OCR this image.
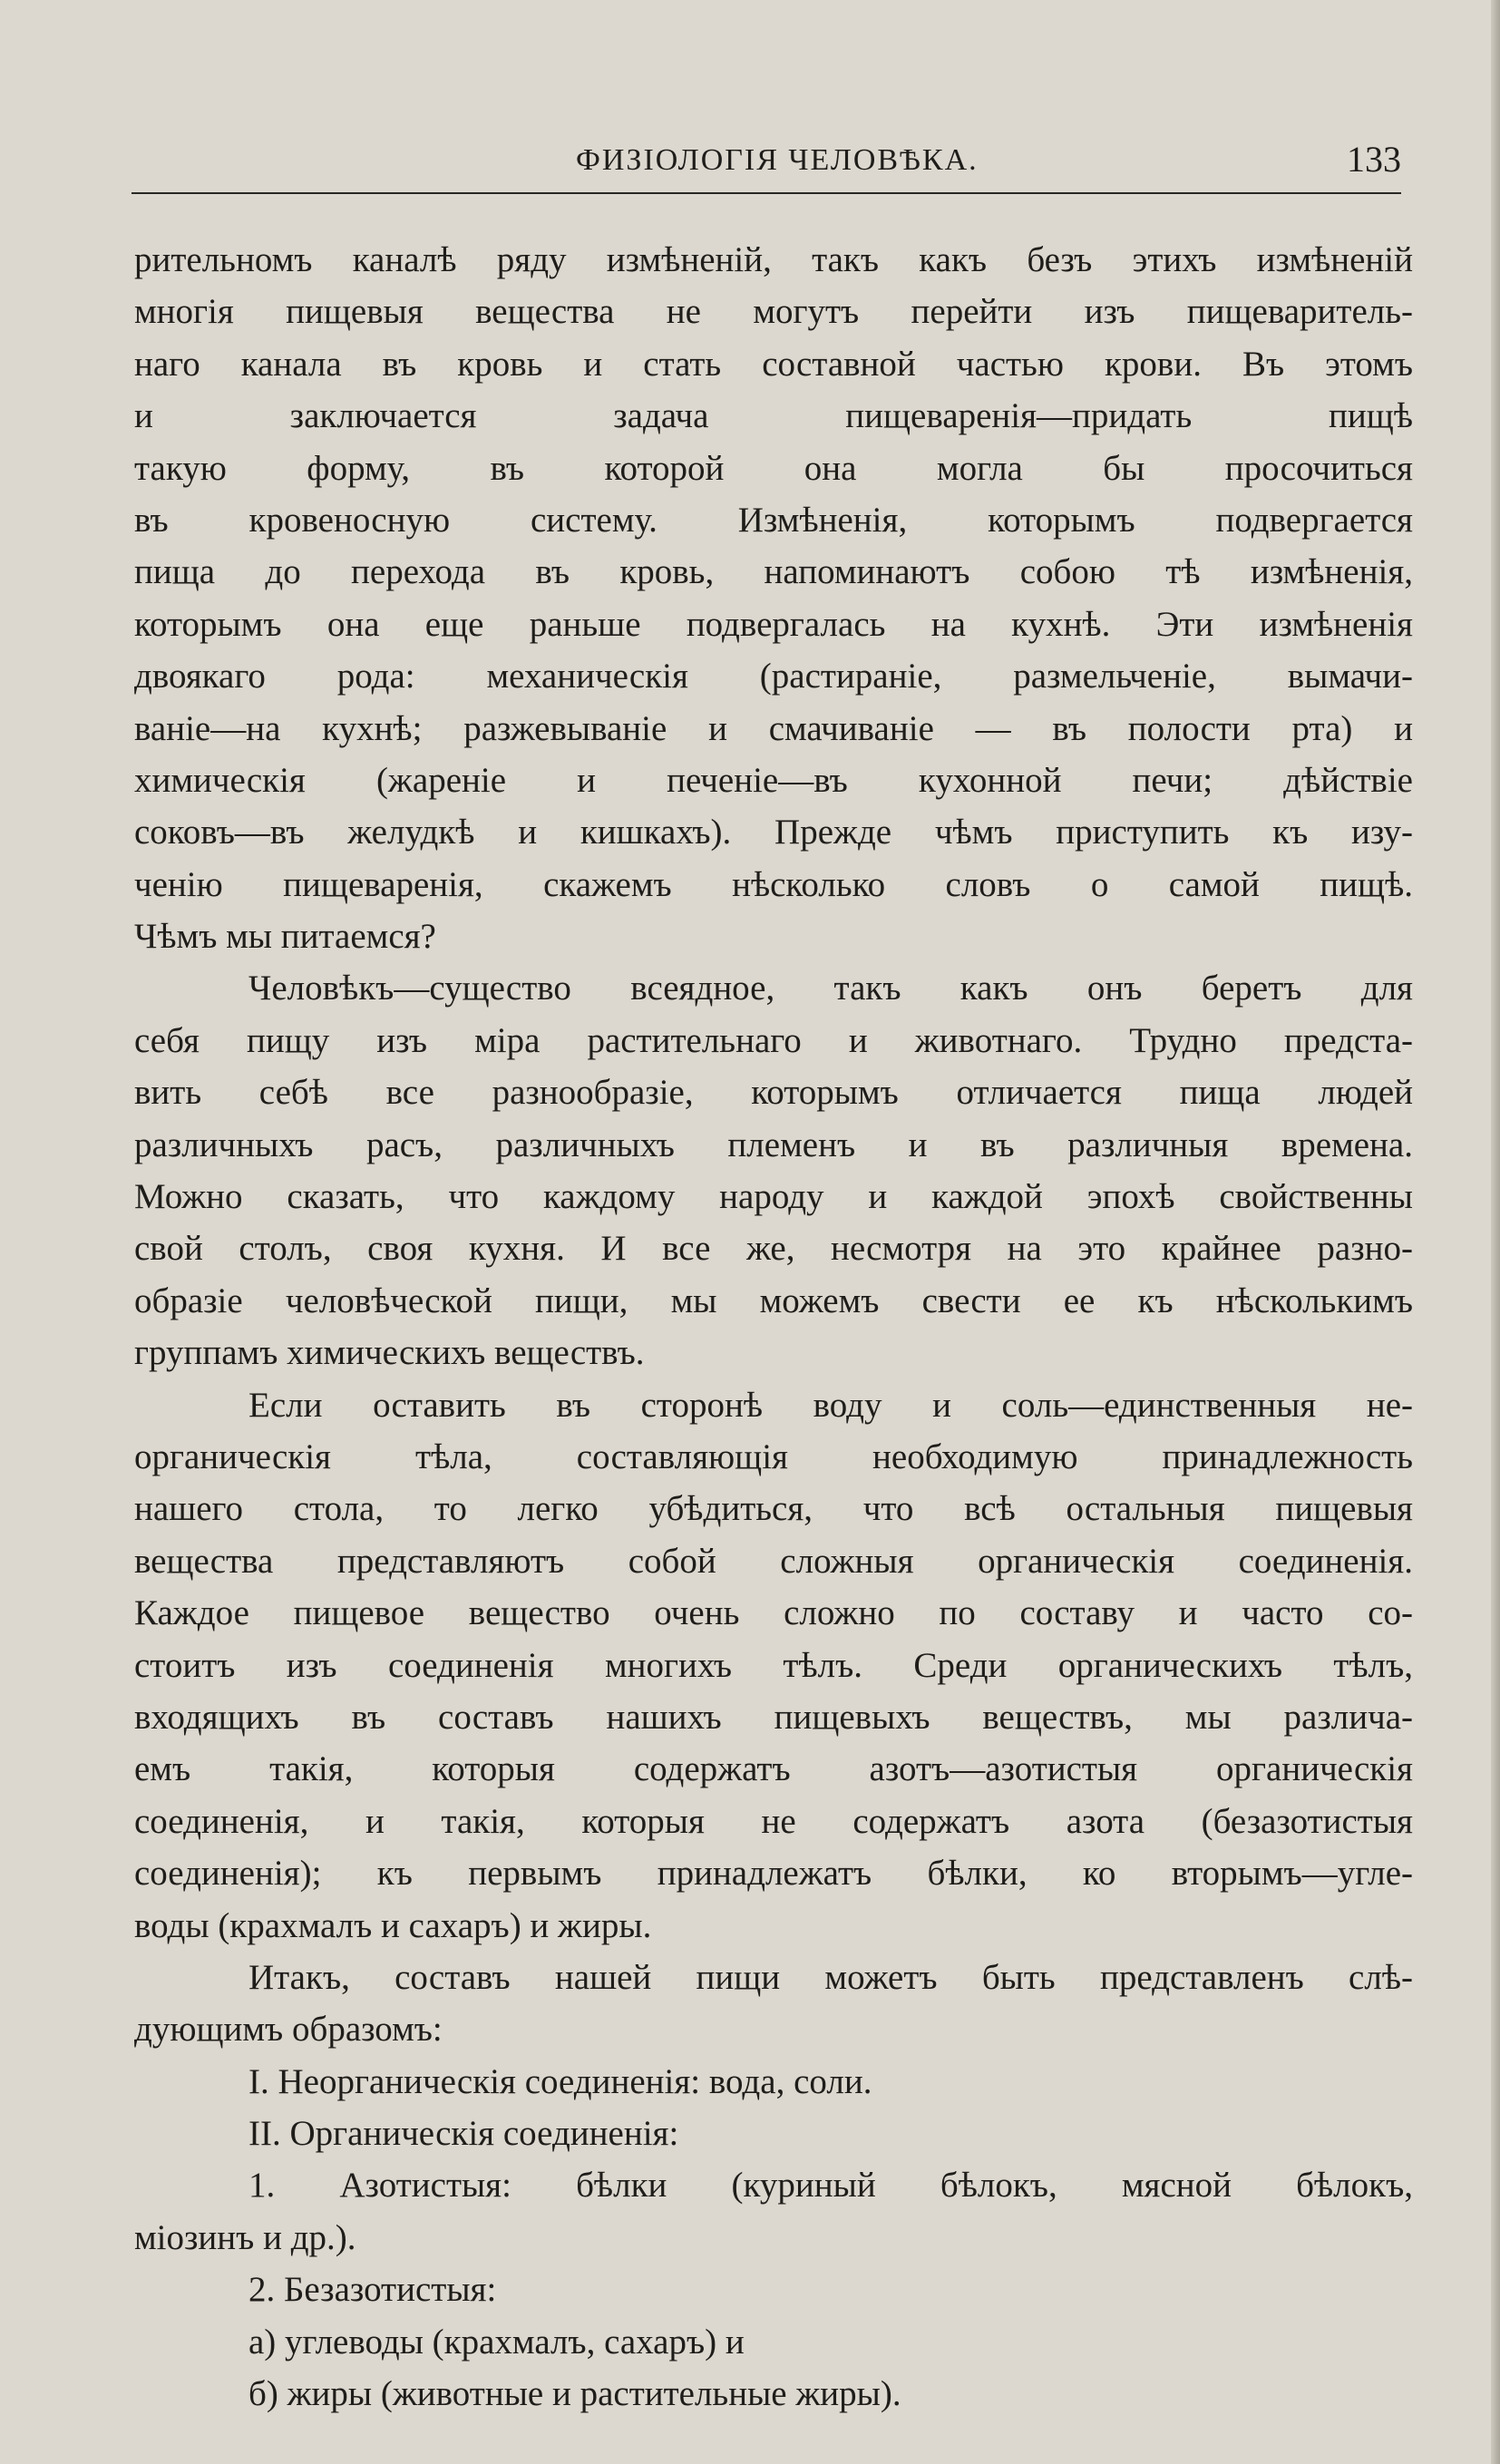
ФИЗIОЛОГIЯ ЧЕЛОВѢКА.	133
рительномъ каналѣ ряду измѣненій, такъ какъ безъ этихъ измѣненій
многія пищевыя вещества не могутъ перейти изъ пищеваритель-
наго канала въ кровь и стать составной частью крови. Въ этомъ
и заключается задача пищеваренія—придать пищѣ
такую форму, въ которой она могла бы просочиться
въ кровеносную систему. Измѣненія, которымъ подвергается
пища до перехода въ кровь, напоминаютъ собою тѣ измѣненія,
которымъ она еще раньше подвергалась на кухнѣ. Эти измѣненія
двоякаго рода: механическія (растираніе, размельченіе, вымачи-
ваніе—на кухнѣ; разжевываніе и смачиваніе — въ полости рта) и
химическія (жареніе и печеніе—въ кухонной печи; дѣйствіе
соковъ—въ желудкѣ и кишкахъ). Прежде чѣмъ приступить къ изу-
ченію пищеваренія, скажемъ нѣсколько словъ о самой пищѣ.
Чѣмъ мы питаемся?
Человѣкъ—существо всеядное, такъ какъ онъ беретъ для
себя пищу изъ міра растительнаго и животнаго. Трудно предста-
вить себѣ все разнообразіе, которымъ отличается пища людей
различныхъ расъ, различныхъ племенъ и въ различныя времена.
Можно сказать, что каждому народу и каждой эпохѣ свойственны
свой столъ, своя кухня. И все же, несмотря на это крайнее разно-
образіе человѣческой пищи, мы можемъ свести ее къ нѣсколькимъ
группамъ химическихъ веществъ.
Если оставить въ сторонѣ воду и соль—единственныя не-
органическія тѣла, составляющія необходимую принадлежность
нашего стола, то легко убѣдиться, что всѣ остальныя пищевыя
вещества представляютъ собой сложныя органическія соединенія.
Каждое пищевое вещество очень сложно по составу и часто со-
стоитъ изъ соединенія многихъ тѣлъ. Среди органическихъ тѣлъ,
входящихъ въ составъ нашихъ пищевыхъ веществъ, мы различа-
емъ такія, которыя содержатъ азотъ—азотистыя органическія
соединенія, и такія, которыя не содержатъ азота (безазотистыя
соединенія); къ первымъ принадлежатъ бѣлки, ко вторымъ—угле-
воды (крахмалъ и сахаръ) и жиры.
Итакъ, составъ нашей пищи можетъ быть представленъ слѣ-
дующимъ образомъ:
I. Неорганическія соединенія: вода, соли.
II. Органическія соединенія:
1. Азотистыя: бѣлки (куриный бѣлокъ, мясной бѣлокъ,
міозинъ и др.).
2. Безазотистыя:
а) углеводы (крахмалъ, сахаръ) и
б) жиры (животные и растительные жиры).
